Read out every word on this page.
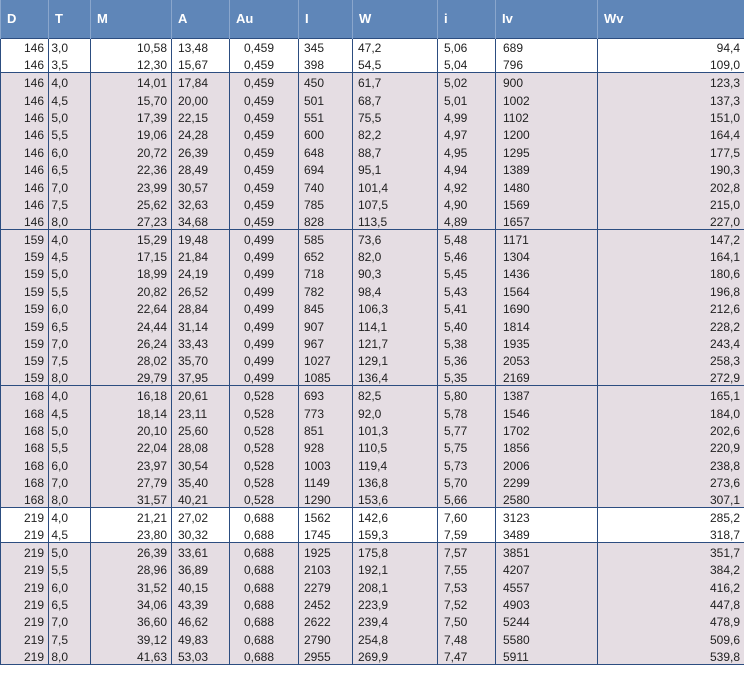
D	T	M	A	Au	I	W	i	Iv	Wv
146	3,0	10,58	13,48	0,459	345	47,2	5,06	689	94,4
146	3,5	12,30	15,67	0,459	398	54,5	5,04	796	109,0
146	4,0	14,01	17,84	0,459	450	61,7	5,02	900	123,3
146	4,5	15,70	20,00	0,459	501	68,7	5,01	1002	137,3
146	5,0	17,39	22,15	0,459	551	75,5	4,99	1102	151,0
146	5,5	19,06	24,28	0,459	600	82,2	4,97	1200	164,4
146	6,0	20,72	26,39	0,459	648	88,7	4,95	1295	177,5
146	6,5	22,36	28,49	0,459	694	95,1	4,94	1389	190,3
146	7,0	23,99	30,57	0,459	740	101,4	4,92	1480	202,8
146	7,5	25,62	32,63	0,459	785	107,5	4,90	1569	215,0
146	8,0	27,23	34,68	0,459	828	113,5	4,89	1657	227,0
159	4,0	15,29	19,48	0,499	585	73,6	5,48	1171	147,2
159	4,5	17,15	21,84	0,499	652	82,0	5,46	1304	164,1
159	5,0	18,99	24,19	0,499	718	90,3	5,45	1436	180,6
159	5,5	20,82	26,52	0,499	782	98,4	5,43	1564	196,8
159	6,0	22,64	28,84	0,499	845	106,3	5,41	1690	212,6
159	6,5	24,44	31,14	0,499	907	114,1	5,40	1814	228,2
159	7,0	26,24	33,43	0,499	967	121,7	5,38	1935	243,4
159	7,5	28,02	35,70	0,499	1027	129,1	5,36	2053	258,3
159	8,0	29,79	37,95	0,499	1085	136,4	5,35	2169	272,9
168	4,0	16,18	20,61	0,528	693	82,5	5,80	1387	165,1
168	4,5	18,14	23,11	0,528	773	92,0	5,78	1546	184,0
168	5,0	20,10	25,60	0,528	851	101,3	5,77	1702	202,6
168	5,5	22,04	28,08	0,528	928	110,5	5,75	1856	220,9
168	6,0	23,97	30,54	0,528	1003	119,4	5,73	2006	238,8
168	7,0	27,79	35,40	0,528	1149	136,8	5,70	2299	273,6
168	8,0	31,57	40,21	0,528	1290	153,6	5,66	2580	307,1
219	4,0	21,21	27,02	0,688	1562	142,6	7,60	3123	285,2
219	4,5	23,80	30,32	0,688	1745	159,3	7,59	3489	318,7
219	5,0	26,39	33,61	0,688	1925	175,8	7,57	3851	351,7
219	5,5	28,96	36,89	0,688	2103	192,1	7,55	4207	384,2
219	6,0	31,52	40,15	0,688	2279	208,1	7,53	4557	416,2
219	6,5	34,06	43,39	0,688	2452	223,9	7,52	4903	447,8
219	7,0	36,60	46,62	0,688	2622	239,4	7,50	5244	478,9
219	7,5	39,12	49,83	0,688	2790	254,8	7,48	5580	509,6
219	8,0	41,63	53,03	0,688	2955	269,9	7,47	5911	539,8
